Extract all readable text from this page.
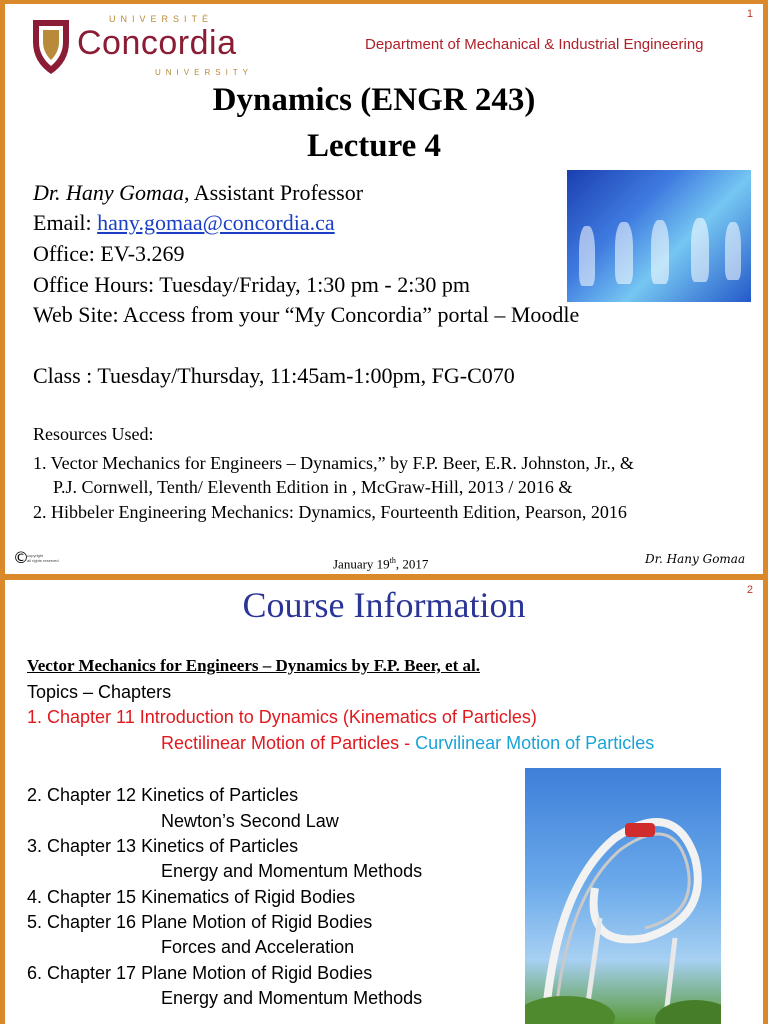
1
UNIVERSITÉ
Concordia
UNIVERSITY
Department of Mechanical & Industrial Engineering
Dynamics (ENGR 243)
Lecture 4
Dr. Hany Gomaa, Assistant Professor
Email: hany.gomaa@concordia.ca
Office: EV-3.269
Office Hours: Tuesday/Friday, 1:30 pm - 2:30 pm
Web Site: Access from your “My Concordia” portal – Moodle
Class : Tuesday/Thursday, 11:45am-1:00pm, FG-C070
Resources Used:
1. Vector Mechanics for Engineers – Dynamics,” by F.P. Beer, E.R. Johnston, Jr., &
P.J. Cornwell, Tenth/ Eleventh Edition in , McGraw-Hill, 2013 / 2016 &
2. Hibbeler Engineering Mechanics: Dynamics, Fourteenth Edition, Pearson, 2016
©
copyright
all rights reserved	January 19th, 2017	Dr. Hany Gomaa
2
Course Information
Vector Mechanics for Engineers – Dynamics by F.P. Beer, et al.
Topics – Chapters
1. Chapter 11 Introduction to Dynamics (Kinematics of Particles)
Rectilinear Motion of Particles - Curvilinear Motion of Particles
2. Chapter 12 Kinetics of Particles
Newton’s Second Law
3. Chapter 13 Kinetics of Particles
Energy and Momentum Methods
4. Chapter 15 Kinematics of Rigid Bodies
5. Chapter 16 Plane Motion of Rigid Bodies
Forces and Acceleration
6. Chapter 17 Plane Motion of Rigid Bodies
Energy and Momentum Methods
